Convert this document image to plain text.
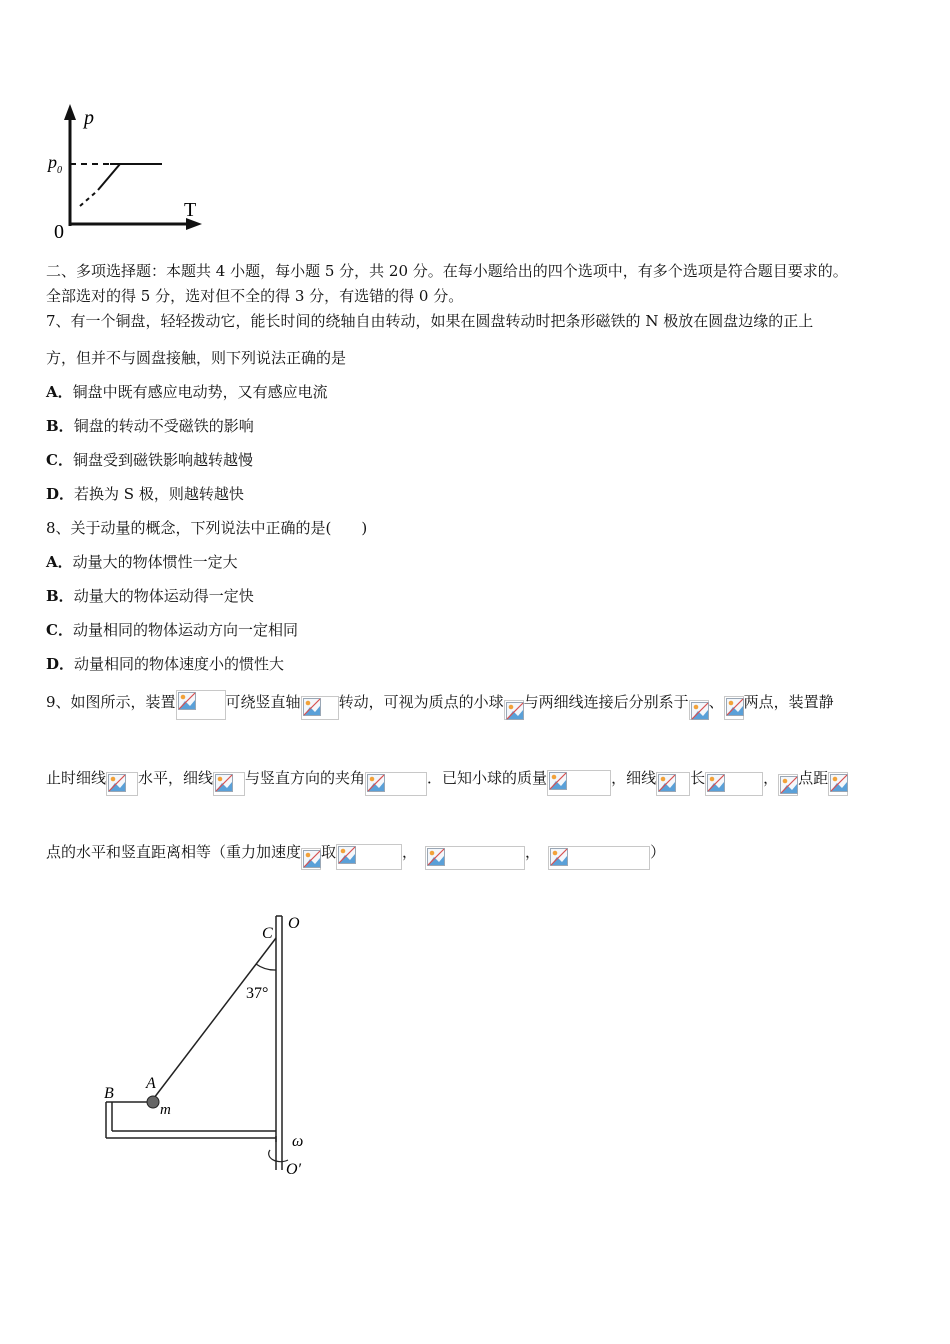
p
$p_0$
T
0
二、多项选择题：本题共 4 小题，每小题 5 分，共 20 分。在每小题给出的四个选项中，有多个选项是符合题目要求的。
全部选对的得 5 分，选对但不全的得 3 分，有选错的得 0 分。
7、有一个铜盘，轻轻拨动它，能长时间的绕轴自由转动，如果在圆盘转动时把条形磁铁的 N 极放在圆盘边缘的正上
方，但并不与圆盘接触，则下列说法正确的是
A．铜盘中既有感应电动势，又有感应电流
B．铜盘的转动不受磁铁的影响
C．铜盘受到磁铁影响越转越慢
D．若换为 S 极，则越转越快
8、关于动量的概念，下列说法中正确的是(　　)
A．动量大的物体惯性一定大
B．动量大的物体运动得一定快
C．动量相同的物体运动方向一定相同
D．动量相同的物体速度小的惯性大
9、如图所示，装置	可绕竖直轴	转动，可视为质点的小球 与两细线连接后分别系于 、 两点，装置静
止时细线 水平，细线 与竖直方向的夹角	．已知小球的质量	，细线 长	， 点距
点的水平和竖直距离相等（重力加速度 取	，	，	）
C
O
37°
A
B
m
ω
O′
